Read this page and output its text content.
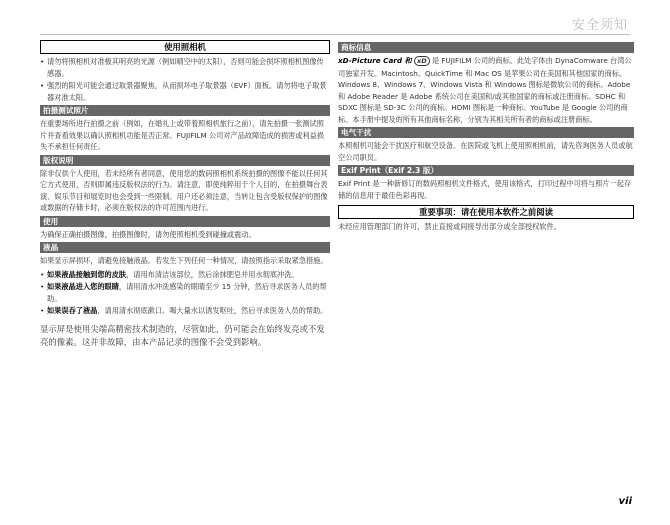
安全须知
使用照相机
• 请勿将照相机对准极其明亮的光源（例如晴空中的太阳），否则可能会损坏照相机图像传感器。
• 强烈的阳光可能会通过取景器聚焦，从而损坏电子取景器（EVF）面板。请勿将电子取景器对准太阳。
拍摄测试照片
在重要场所进行拍摄之前（例如，在婚礼上或带着照相机旅行之前），请先拍摄一张测试照片并查看效果以确认照相机功能是否正常。FUJIFILM 公司对产品故障造成的损害或利益损失不承担任何责任。
版权说明
除非仅供个人使用，若未经所有者同意，使用您的数码照相机系统拍摄的图像不能以任何其它方式使用，否则即属违反版权法的行为。请注意，即使纯粹用于个人目的，在拍摄舞台表演、娱乐节目和展览时也会受到一些限制。用户还必须注意，当转让包含受版权保护的图像或数据的存储卡时，必须在版权法的许可范围内进行。
使用
为确保正确拍摄图像，拍摄图像时，请勿使照相机受到碰撞或震动。
液晶
如果显示屏损坏，请避免接触液晶。若发生下列任何一种情况，请按照指示采取紧急措施。
• 如果液晶接触到您的皮肤，请用布清洁该部位，然后涂抹肥皂并用水彻底冲洗。
• 如果液晶进入您的眼睛，请用清水冲洗感染的眼睛至少 15 分钟，然后寻求医务人员的帮助。
• 如果误吞了液晶，请用清水彻底漱口。喝大量水以诱发呕吐，然后寻求医务人员的帮助。
显示屏是使用尖端高精密技术制造的，尽管如此，仍可能会在始终发亮或不发亮的像素。这并非故障，由本产品记录的图像不会受到影响。
商标信息
xD-Picture Card 和 xD 是 FUJIFILM 公司的商标。此处字体由 DynaComware 台湾公司独家开发。Macintosh、QuickTime 和 Mac OS 是苹果公司在美国和其他国家的商标。Windows 8、Windows 7、Windows Vista 和 Windows 图标是微软公司的商标。Adobe 和 Adobe Reader 是 Adobe 系统公司在美国和/或其他国家的商标或注册商标。SDHC 和 SDXC 图标是 SD-3C 公司的商标。HDMI 图标是一种商标。YouTube 是 Google 公司的商标。本手册中提及的所有其他商标名称，分别为其相关所有者的商标或注册商标。
电气干扰
本照相机可能会干扰医疗和航空设备。在医院或飞机上使用照相机前，请先咨询医务人员或航空公司职员。
Exif Print（Exif 2.3 版）
Exif Print 是一种新修订的数码照相机文件格式，使用该格式，打印过程中可将与照片一起存储的信息用于最佳色彩再现。
重要事项：请在使用本软件之前阅读
未经应用管理部门的许可，禁止直接或间接导出部分或全部授权软件。
vii
